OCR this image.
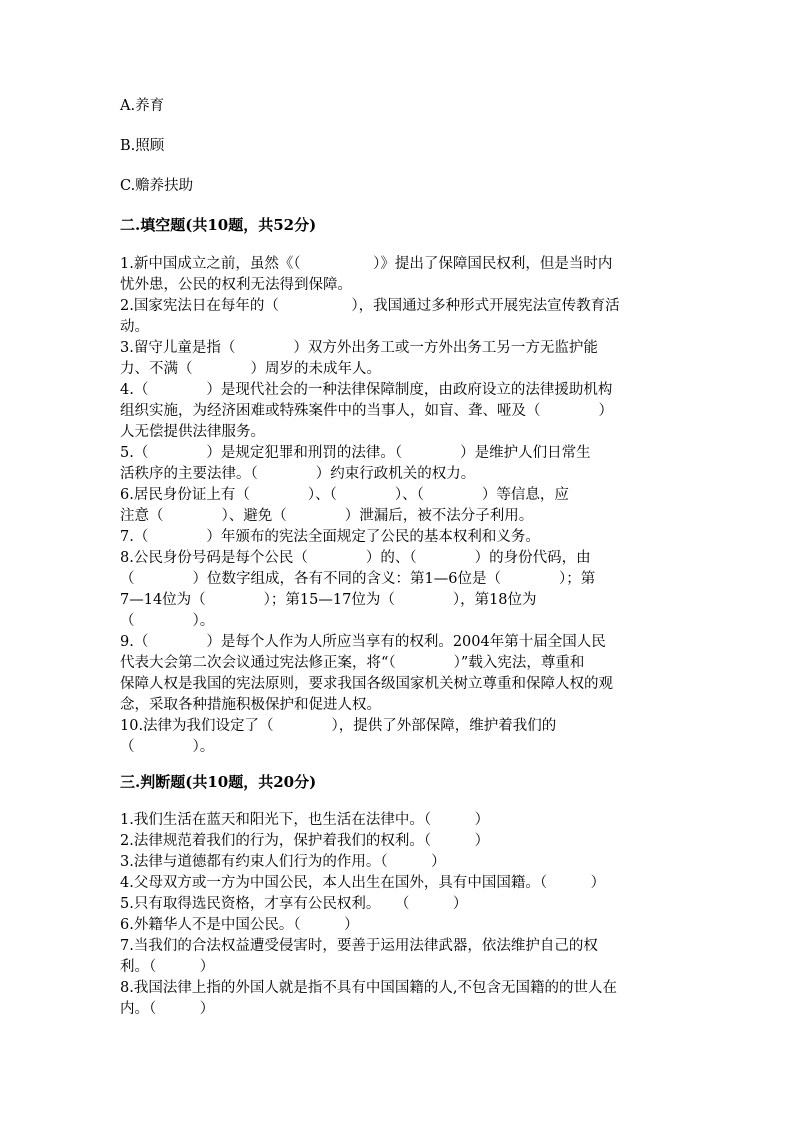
A.养育
B.照顾
C.赡养扶助
二.填空题(共10题，共52分)
1.新中国成立之前，虽然《（　　　　　）》提出了保障国民权利，但是当时内
忧外患，公民的权利无法得到保障。
2.国家宪法日在每年的（　　　　　），我国通过多种形式开展宪法宣传教育活
动。
3.留守儿童是指（　　　　）双方外出务工或一方外出务工另一方无监护能
力、不满（　　　　）周岁的未成年人。
4.（　　　　）是现代社会的一种法律保障制度，由政府设立的法律援助机构
组织实施，为经济困难或特殊案件中的当事人，如盲、聋、哑及（　　　　）
人无偿提供法律服务。
5.（　　　　）是规定犯罪和刑罚的法律。（　　　　）是维护人们日常生
活秩序的主要法律。（　　　　）约束行政机关的权力。
6.居民身份证上有（　　　　）、（　　　　）、（　　　　）等信息，应
注意（　　　　）、避免（　　　　）泄漏后，被不法分子利用。
7.（　　　　）年颁布的宪法全面规定了公民的基本权利和义务。
8.公民身份号码是每个公民（　　　　）的、（　　　　）的身份代码，由
（　　　　）位数字组成，各有不同的含义：第1—6位是（　　　　）；第
7—14位为（　　　　）；第15—17位为（　　　　），第18位为
（　　　　）。
9.（　　　　）是每个人作为人所应当享有的权利。2004年第十届全国人民
代表大会第二次会议通过宪法修正案，将“（　　　　）”载入宪法，尊重和
保障人权是我国的宪法原则，要求我国各级国家机关树立尊重和保障人权的观
念，采取各种措施积极保护和促进人权。
10.法律为我们设定了（　　　　），提供了外部保障，维护着我们的
（　　　　）。
三.判断题(共10题，共20分)
1.我们生活在蓝天和阳光下，也生活在法律中。（　　　）
2.法律规范着我们的行为，保护着我们的权利。（　　　）
3.法律与道德都有约束人们行为的作用。（　　　）
4.父母双方或一方为中国公民，本人出生在国外，具有中国国籍。（　　　）
5.只有取得选民资格，才享有公民权利。　　（　　　）
6.外籍华人不是中国公民。（　　　）
7.当我们的合法权益遭受侵害时，要善于运用法律武器，依法维护自己的权
利。（　　　）
8.我国法律上指的外国人就是指不具有中国国籍的人,不包含无国籍的的世人在
内。（　　　）
